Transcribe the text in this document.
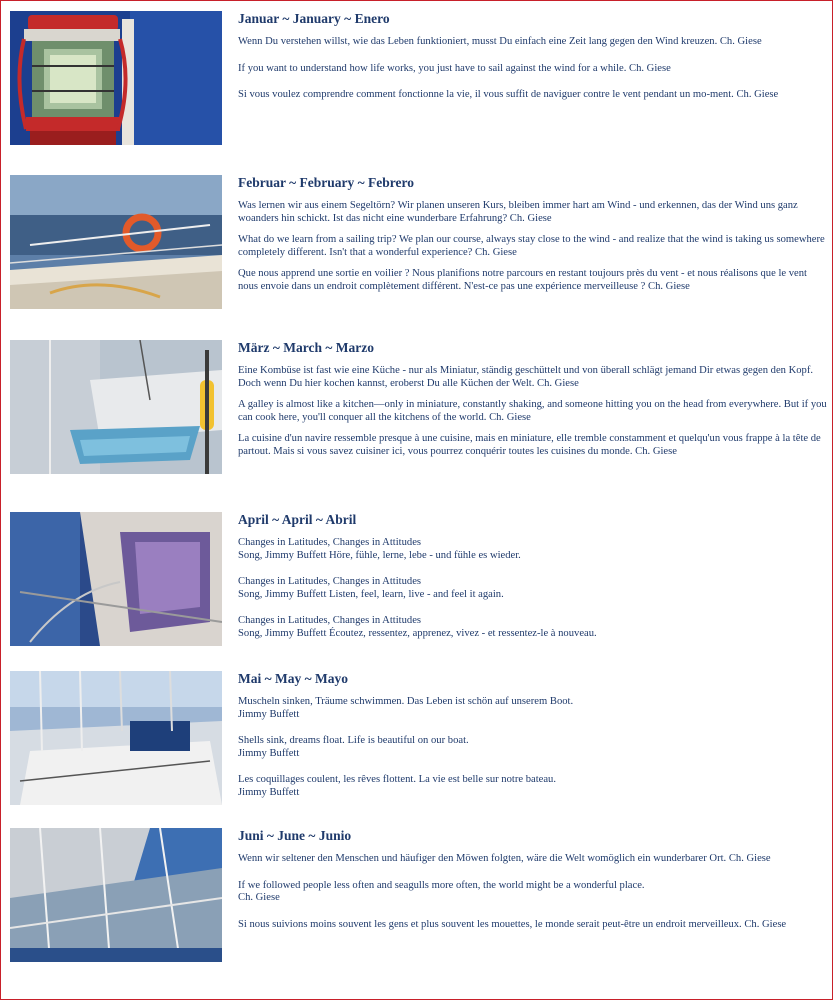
Januar ~ January ~ Enero
Wenn Du verstehen willst, wie das Leben funktioniert, musst Du einfach eine Zeit lang gegen den Wind kreuzen. Ch. Giese
If you want to understand how life works, you just have to sail against the wind for a while. Ch. Giese
Si vous voulez comprendre comment fonctionne la vie, il vous suffit de naviguer contre le vent pendant un mo-ment. Ch. Giese
Februar ~ February ~ Febrero
Was lernen wir aus einem Segeltörn? Wir planen unseren Kurs, bleiben immer hart am Wind - und erkennen, das der Wind uns ganz woanders hin schickt. Ist das nicht eine wunderbare Erfahrung? Ch. Giese
What do we learn from a sailing trip? We plan our course, always stay close to the wind - and realize that the wind is taking us somewhere completely different. Isn't that a wonderful experience? Ch. Giese
Que nous apprend une sortie en voilier ? Nous planifions notre parcours en restant toujours près du vent - et nous réalisons que le vent nous envoie dans un endroit complètement différent. N'est-ce pas une expérience merveilleuse ? Ch. Giese
März ~ March ~ Marzo
Eine Kombüse ist fast wie eine Küche - nur als Miniatur, ständig geschüttelt und von überall schlägt jemand Dir etwas gegen den Kopf. Doch wenn Du hier kochen kannst, eroberst Du alle Küchen der Welt. Ch. Giese
A galley is almost like a kitchen—only in miniature, constantly shaking, and someone hitting you on the head from everywhere. But if you can cook here, you'll conquer all the kitchens of the world. Ch. Giese
La cuisine d'un navire ressemble presque à une cuisine, mais en miniature, elle tremble constamment et quelqu'un vous frappe à la tête de partout. Mais si vous savez cuisiner ici, vous pourrez conquérir toutes les cuisines du monde. Ch. Giese
April ~ April ~ Abril
Changes in Latitudes, Changes in Attitudes
Song, Jimmy Buffett Höre, fühle, lerne, lebe - und fühle es wieder.
Changes in Latitudes, Changes in Attitudes
Song, Jimmy Buffett Listen, feel, learn, live - and feel it again.
Changes in Latitudes, Changes in Attitudes
Song, Jimmy Buffett Écoutez, ressentez, apprenez, vivez - et ressentez-le à nouveau.
Mai ~ May ~ Mayo
Muscheln sinken, Träume schwimmen. Das Leben ist schön auf unserem Boot.
Jimmy Buffett
Shells sink, dreams float. Life is beautiful on our boat.
Jimmy Buffett
Les coquillages coulent, les rêves flottent. La vie est belle sur notre bateau.
Jimmy Buffett
Juni ~ June ~ Junio
Wenn wir seltener den Menschen und häufiger den Möwen folgten, wäre die Welt womöglich ein wunderbarer Ort. Ch. Giese
If we followed people less often and seagulls more often, the world might be a wonderful place.
Ch. Giese
Si nous suivions moins souvent les gens et plus souvent les mouettes, le monde serait peut-être un endroit merveilleux. Ch. Giese
